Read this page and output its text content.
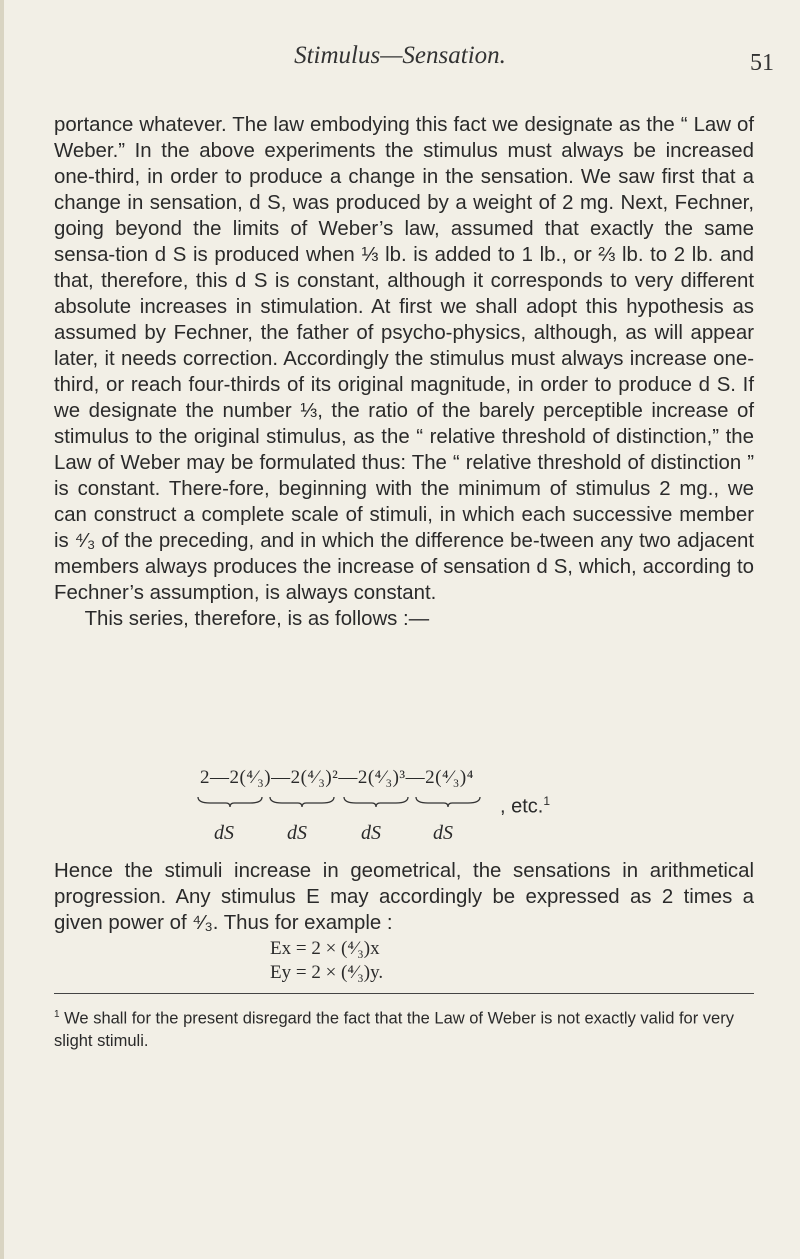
Stimulus—Sensation.	51

portance whatever. The law embodying this fact we designate as the “ Law of Weber.” In the above experiments the stimulus must always be increased one-third, in order to produce a change in the sensation. We saw first that a change in sensation, d S, was produced by a weight of 2 mg. Next, Fechner, going beyond the limits of Weber’s law, assumed that exactly the same sensa-tion d S is produced when ⅓ lb. is added to 1 lb., or ⅔ lb. to 2 lb. and that, therefore, this d S is constant, although it corresponds to very different absolute increases in stimulation. At first we shall adopt this hypothesis as assumed by Fechner, the father of psycho-physics, although, as will appear later, it needs correction. Accordingly the stimulus must always increase one-third, or reach four-thirds of its original magnitude, in order to produce d S. If we designate the number ⅓, the ratio of the barely perceptible increase of stimulus to the original stimulus, as the “ relative threshold of distinction,” the Law of Weber may be formulated thus: The “ relative threshold of distinction ” is constant. There-fore, beginning with the minimum of stimulus 2 mg., we can construct a complete scale of stimuli, in which each successive member is ⁴⁄₃ of the preceding, and in which the difference be-tween any two adjacent members always produces the increase of sensation d S, which, according to Fechner’s assumption, is always constant.

This series, therefore, is as follows :—

2—2(⁴⁄₃)—2(⁴⁄₃)²—2(⁴⁄₃)³—2(⁴⁄₃)⁴
dS	dS	dS	dS
, etc.$^1$
Hence the stimuli increase in geometrical, the sensations in arithmetical progression. Any stimulus E may accordingly be expressed as 2 times a given power of ⁴⁄₃. Thus for example :
Ex = 2 × (⁴⁄₃)x
Ey = 2 × (⁴⁄₃)y.
$^1$ We shall for the present disregard the fact that the Law of Weber is not exactly valid for very slight stimuli.
